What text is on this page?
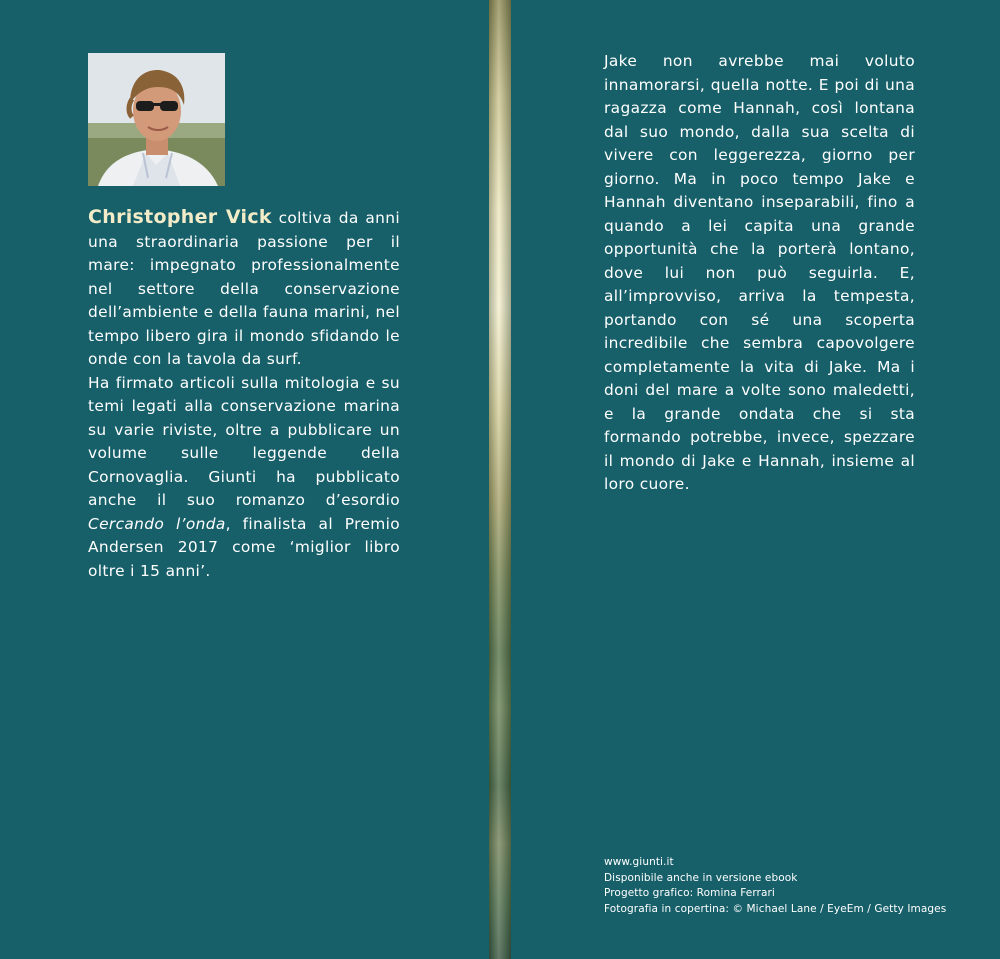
Christopher Vick coltiva da anni una straordinaria passione per il mare: impegnato professionalmente nel settore della conservazione dell’ambiente e della fauna marini, nel tempo libero gira il mondo sfidando le onde con la tavola da surf.

Ha firmato articoli sulla mitologia e su temi legati alla conservazione marina su varie riviste, oltre a pubblicare un volume sulle leggende della Cornovaglia. Giunti ha pubblicato anche il suo romanzo d’esordio Cercando l’onda, finalista al Premio Andersen 2017 come ‘miglior libro oltre i 15 anni’.

Jake non avrebbe mai voluto innamorarsi, quella notte. E poi di una ragazza come Hannah, così lontana dal suo mondo, dalla sua scelta di vivere con leggerezza, giorno per giorno. Ma in poco tempo Jake e Hannah diventano inseparabili, fino a quando a lei capita una grande opportunità che la porterà lontano, dove lui non può seguirla. E, all’improvviso, arriva la tempesta, portando con sé una scoperta incredibile che sembra capovolgere completamente la vita di Jake. Ma i doni del mare a volte sono maledetti, e la grande ondata che si sta formando potrebbe, invece, spezzare il mondo di Jake e Hannah, insieme al loro cuore.

www.giunti.it
Disponibile anche in versione ebook
Progetto grafico: Romina Ferrari
Fotografia in copertina: © Michael Lane / EyeEm / Getty Images
